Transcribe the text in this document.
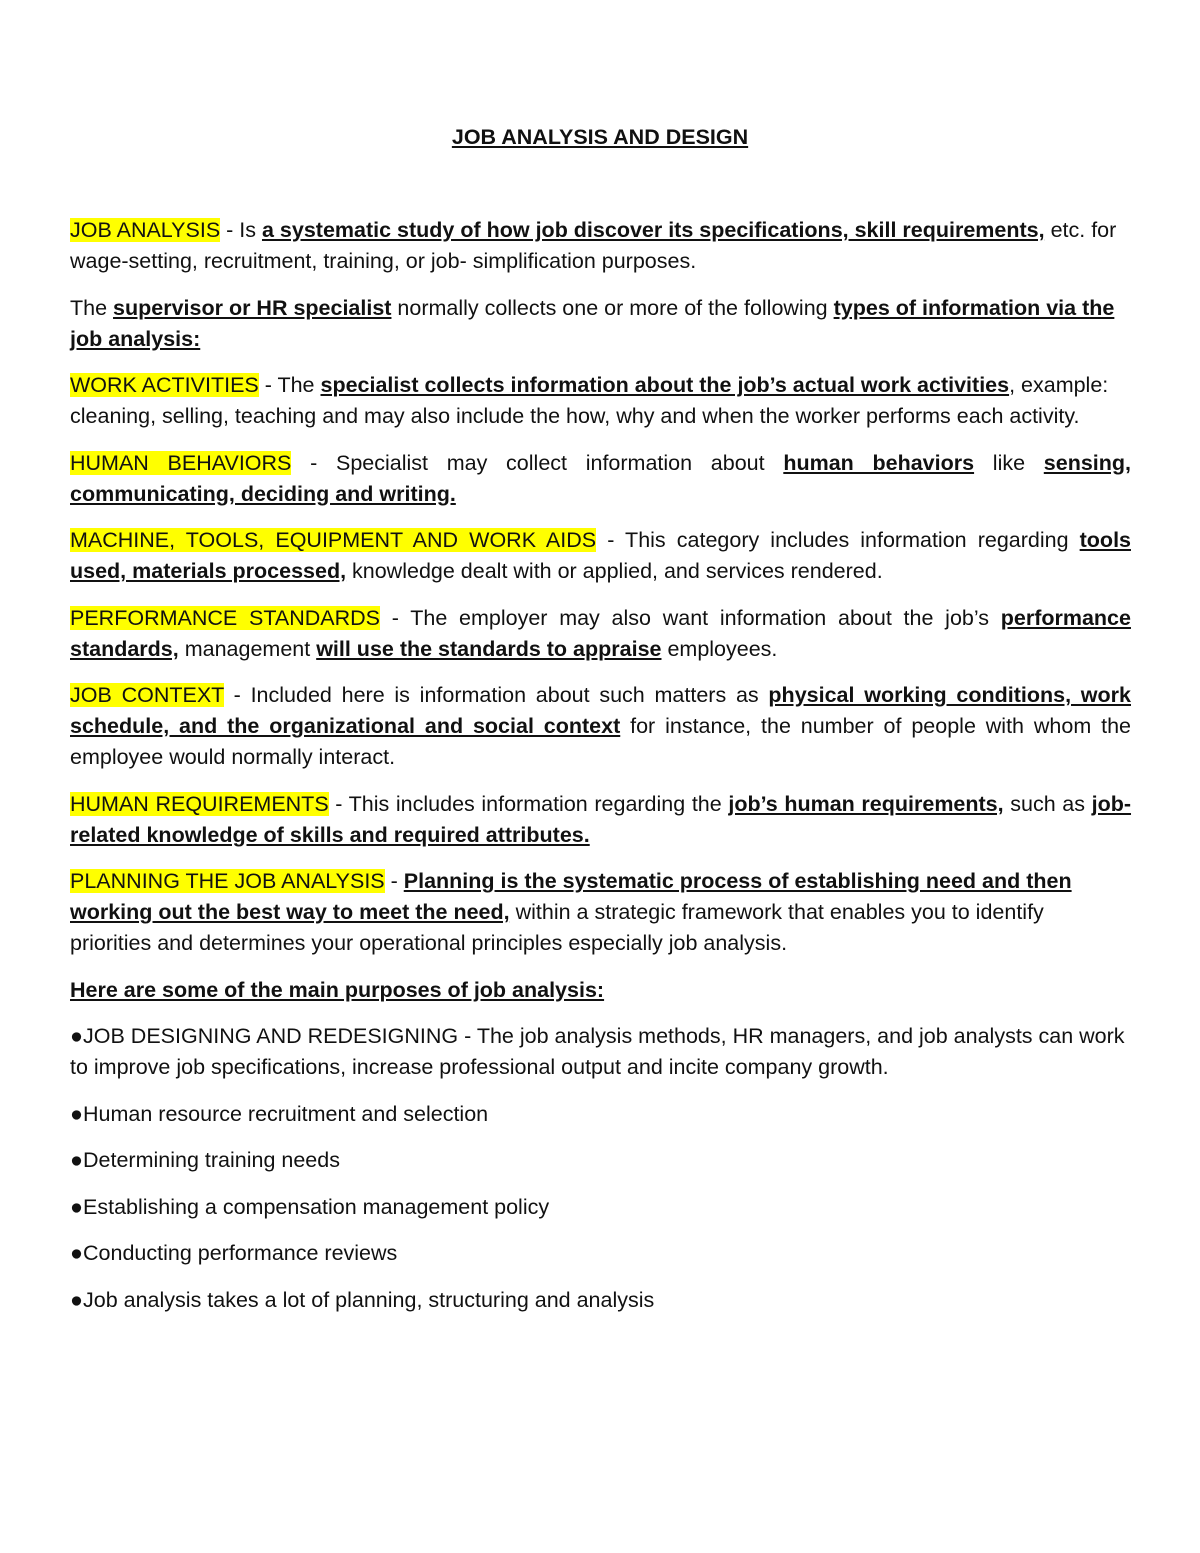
JOB ANALYSIS AND DESIGN

JOB ANALYSIS - Is a systematic study of how job discover its specifications, skill requirements, etc. for wage-setting, recruitment, training, or job- simplification purposes.

The supervisor or HR specialist normally collects one or more of the following types of information via the job analysis:

WORK ACTIVITIES - The specialist collects information about the job’s actual work activities, example: cleaning, selling, teaching and may also include the how, why and when the worker performs each activity.

HUMAN BEHAVIORS - Specialist may collect information about human behaviors like sensing, communicating, deciding and writing.

MACHINE, TOOLS, EQUIPMENT AND WORK AIDS - This category includes information regarding tools used, materials processed, knowledge dealt with or applied, and services rendered.

PERFORMANCE STANDARDS - The employer may also want information about the job’s performance standards, management will use the standards to appraise employees.

JOB CONTEXT - Included here is information about such matters as physical working conditions, work schedule, and the organizational and social context for instance, the number of people with whom the employee would normally interact.

HUMAN REQUIREMENTS - This includes information regarding the job’s human requirements, such as job-related knowledge of skills and required attributes.

PLANNING THE JOB ANALYSIS - Planning is the systematic process of establishing need and then working out the best way to meet the need, within a strategic framework that enables you to identify priorities and determines your operational principles especially job analysis.

Here are some of the main purposes of job analysis:

●JOB DESIGNING AND REDESIGNING - The job analysis methods, HR managers, and job analysts can work to improve job specifications, increase professional output and incite company growth.

●Human resource recruitment and selection

●Determining training needs

●Establishing a compensation management policy

●Conducting performance reviews

●Job analysis takes a lot of planning, structuring and analysis
